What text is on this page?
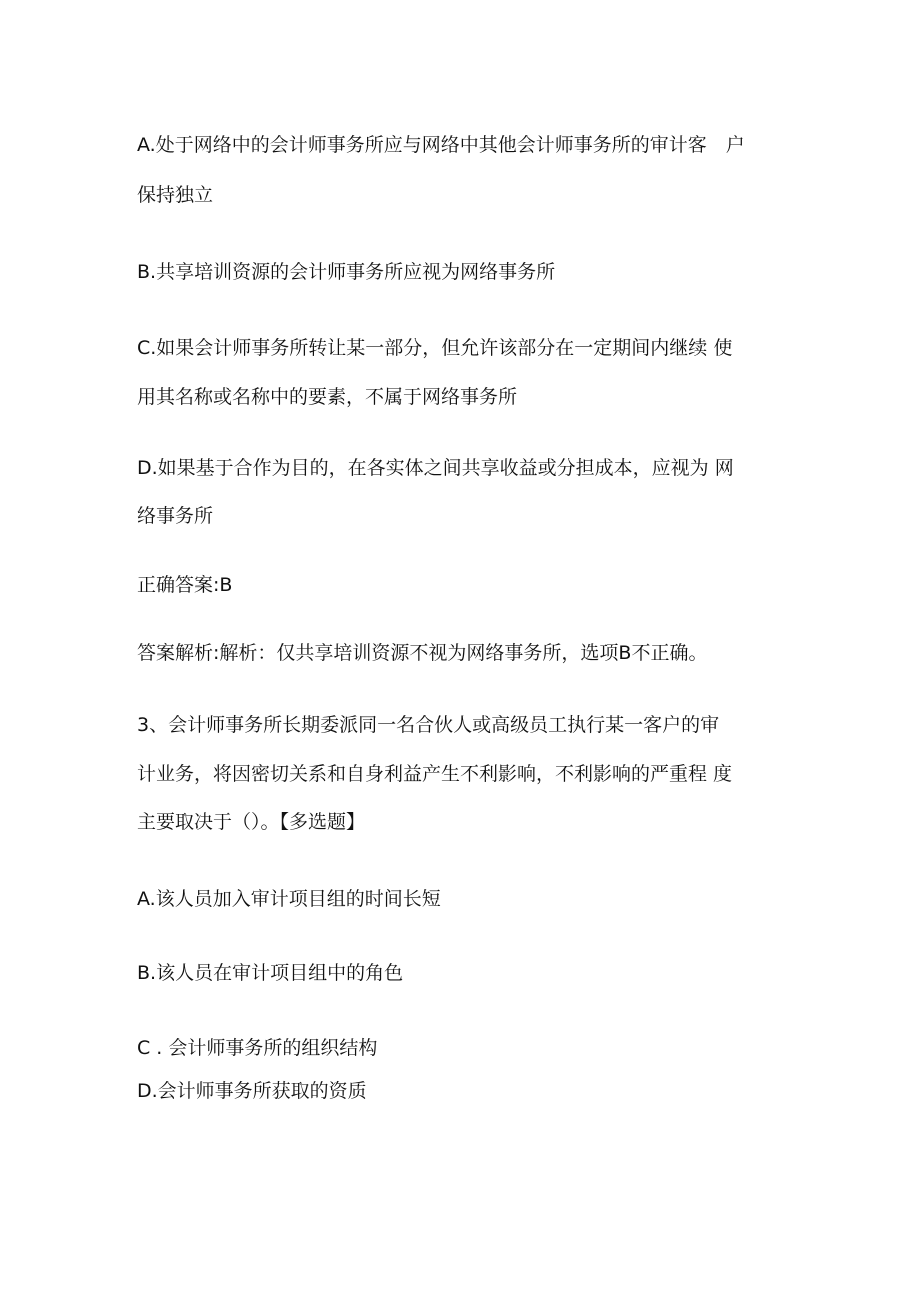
A.处于网络中的会计师事务所应与网络中其他会计师事务所的审计客　户
保持独立
B.共享培训资源的会计师事务所应视为网络事务所
C.如果会计师事务所转让某一部分，但允许该部分在一定期间内继续 使
用其名称或名称中的要素，不属于网络事务所
D.如果基于合作为目的，在各实体之间共享收益或分担成本，应视为 网
络事务所
正确答案:B
答案解析:解析：仅共享培训资源不视为网络事务所，选项B不正确。
3、会计师事务所长期委派同一名合伙人或高级员工执行某一客户的审
计业务，将因密切关系和自身利益产生不利影响，不利影响的严重程 度
主要取决于（）。【多选题】
A.该人员加入审计项目组的时间长短
B.该人员在审计项目组中的角色
C . 会计师事务所的组织结构
D.会计师事务所获取的资质
